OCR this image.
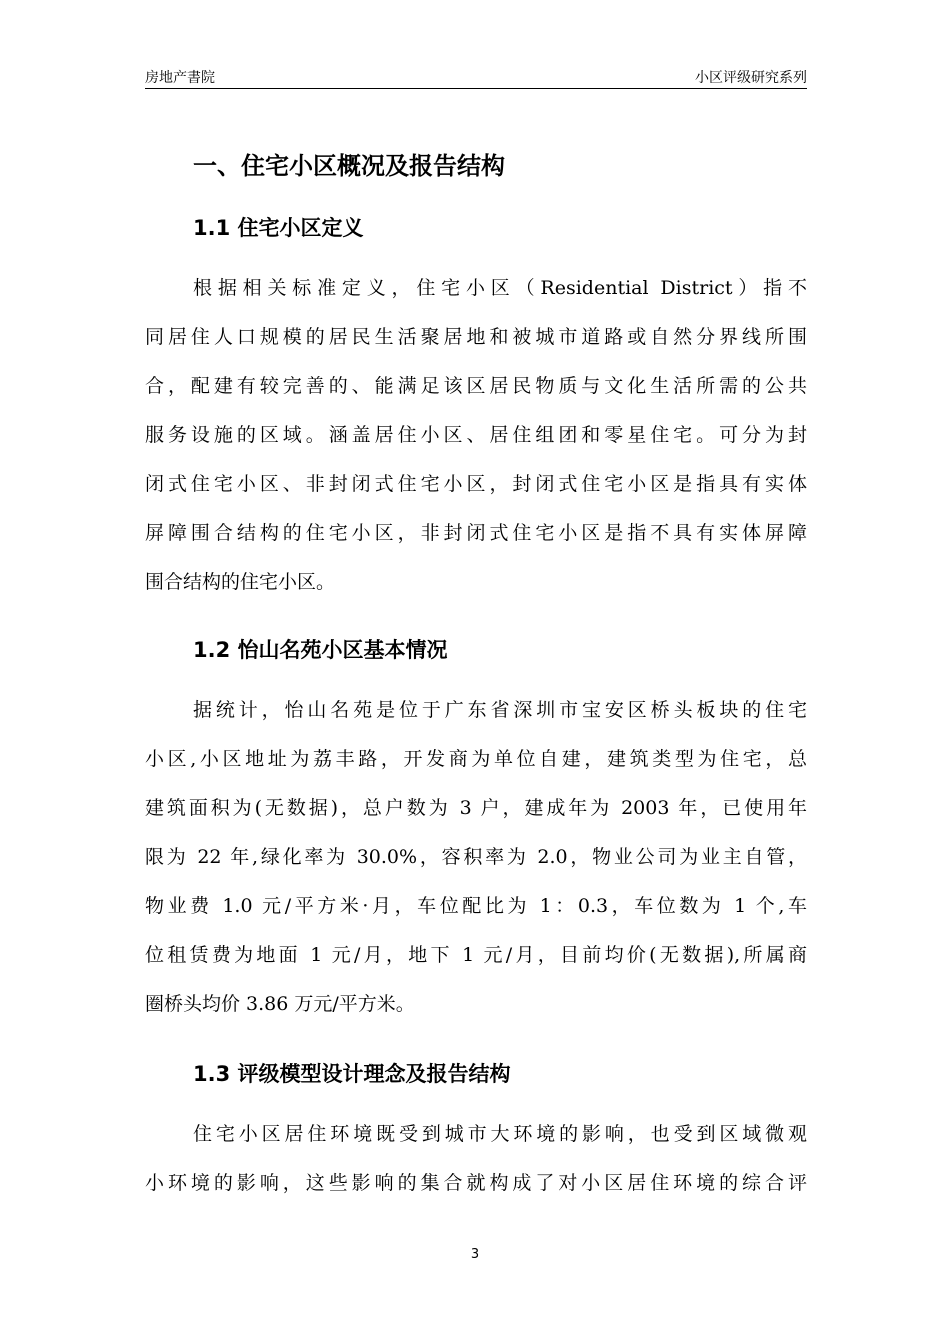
房地产書院	小区评级研究系列
一、住宅小区概况及报告结构
1.1 住宅小区定义
根据相关标准定义，住宅小区（Residential District）指不
同居住人口规模的居民生活聚居地和被城市道路或自然分界线所围
合，配建有较完善的、能满足该区居民物质与文化生活所需的公共
服务设施的区域。涵盖居住小区、居住组团和零星住宅。可分为封
闭式住宅小区、非封闭式住宅小区，封闭式住宅小区是指具有实体
屏障围合结构的住宅小区，非封闭式住宅小区是指不具有实体屏障
围合结构的住宅小区。
1.2 怡山名苑小区基本情况
据统计，怡山名苑是位于广东省深圳市宝安区桥头板块的住宅
小区,小区地址为荔丰路，开发商为单位自建，建筑类型为住宅，总
建筑面积为(无数据)，总户数为 3 户，建成年为 2003 年，已使用年
限为 22 年,绿化率为 30.0%，容积率为 2.0，物业公司为业主自管，
物业费 1.0 元/平方米·月，车位配比为 1：0.3，车位数为 1 个,车
位租赁费为地面 1 元/月，地下 1 元/月，目前均价(无数据),所属商
圈桥头均价 3.86 万元/平方米。
1.3 评级模型设计理念及报告结构
住宅小区居住环境既受到城市大环境的影响，也受到区域微观
小环境的影响，这些影响的集合就构成了对小区居住环境的综合评
3
